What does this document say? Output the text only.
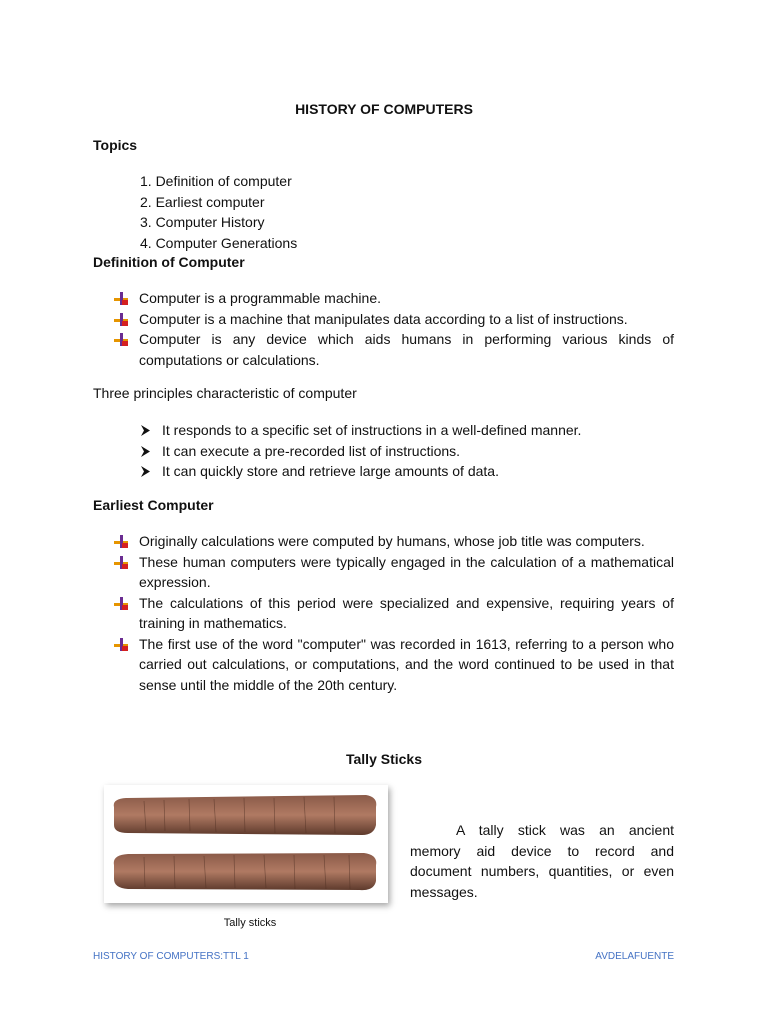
HISTORY OF COMPUTERS
Topics
1. Definition of computer
2. Earliest computer
3. Computer History
4. Computer Generations
Definition of Computer
Computer is a programmable machine.
Computer is a machine that manipulates data according to a list of instructions.
Computer is any device which aids humans in performing various kinds of computations or calculations.
Three principles characteristic of computer
It responds to a specific set of instructions in a well-defined manner.
It can execute a pre-recorded list of instructions.
It can quickly store and retrieve large amounts of data.
Earliest Computer
Originally calculations were computed by humans, whose job title was computers.
These human computers were typically engaged in the calculation of a mathematical expression.
The calculations of this period were specialized and expensive, requiring years of training in mathematics.
The first use of the word "computer" was recorded in 1613, referring to a person who carried out calculations, or computations, and the word continued to be used in that sense until the middle of the 20th century.
Tally Sticks
Tally sticks
A tally stick was an ancient memory aid device to record and document numbers, quantities, or even messages.
HISTORY OF COMPUTERS:TTL 1	AVDELAFUENTE
